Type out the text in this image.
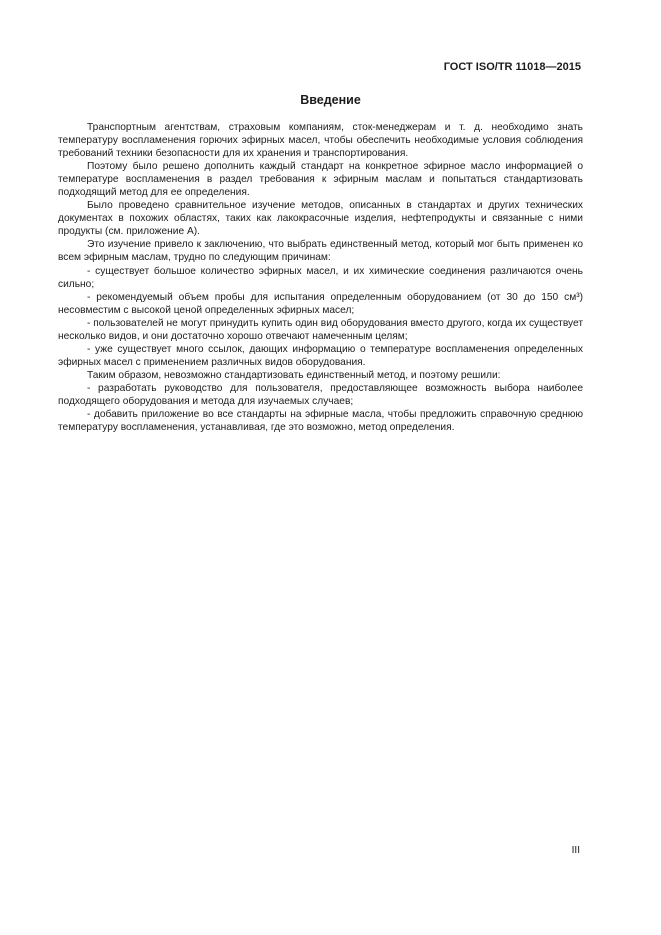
ГОСТ ISO/TR 11018—2015
Введение

Транспортным агентствам, страховым компаниям, сток-менеджерам и т. д. необходимо знать температуру воспламенения горючих эфирных масел, чтобы обеспечить необходимые условия соблюдения требований техники безопасности для их хранения и транспортирования.

Поэтому было решено дополнить каждый стандарт на конкретное эфирное масло информацией о температуре воспламенения в раздел требования к эфирным маслам и попытаться стандартизовать подходящий метод для ее определения.

Было проведено сравнительное изучение методов, описанных в стандартах и других технических документах в похожих областях, таких как лакокрасочные изделия, нефтепродукты и связанные с ними продукты (см. приложение А).

Это изучение привело к заключению, что выбрать единственный метод, который мог быть применен ко всем эфирным маслам, трудно по следующим причинам:

- существует большое количество эфирных масел, и их химические соединения различаются очень сильно;

- рекомендуемый объем пробы для испытания определенным оборудованием (от 30 до 150 см³) несовместим с высокой ценой определенных эфирных масел;

- пользователей не могут принудить купить один вид оборудования вместо другого, когда их существует несколько видов, и они достаточно хорошо отвечают намеченным целям;

- уже существует много ссылок, дающих информацию о температуре воспламенения определенных эфирных масел с применением различных видов оборудования.

Таким образом, невозможно стандартизовать единственный метод, и поэтому решили:

- разработать руководство для пользователя, предоставляющее возможность выбора наиболее подходящего оборудования и метода для изучаемых случаев;

- добавить приложение во все стандарты на эфирные масла, чтобы предложить справочную среднюю температуру воспламенения, устанавливая, где это возможно, метод определения.

III
